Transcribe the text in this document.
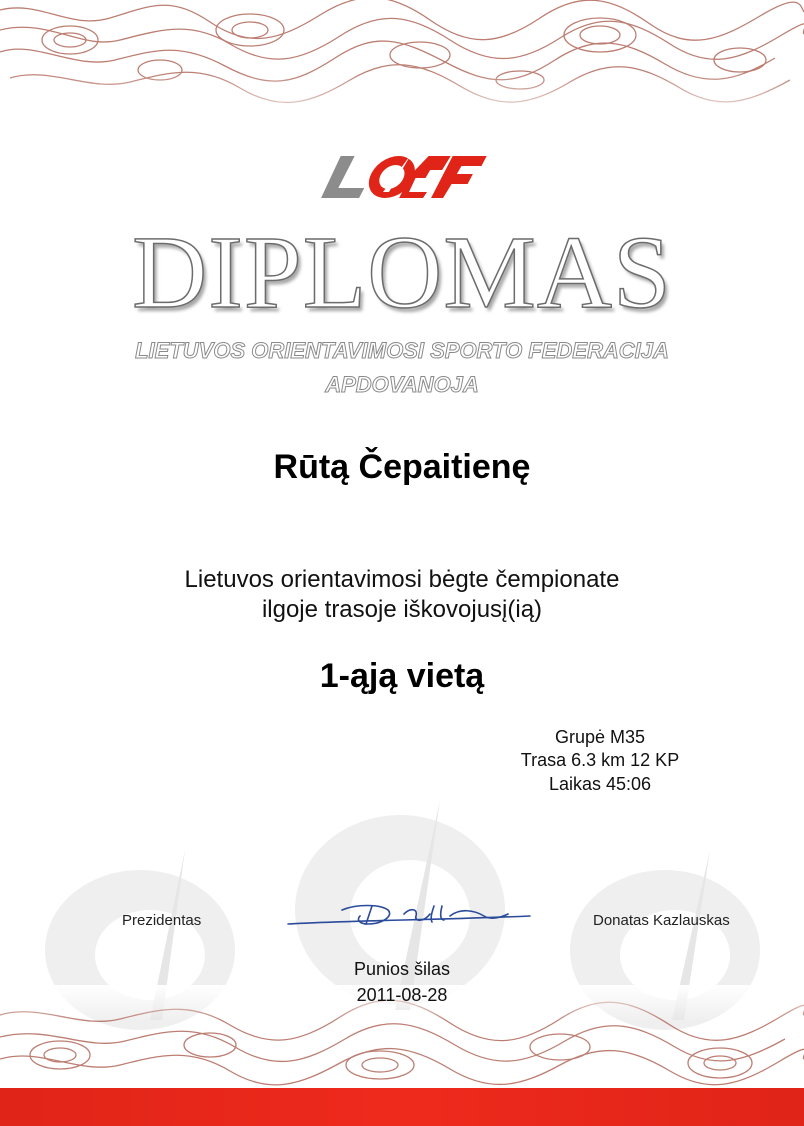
DIPLOMAS
LIETUVOS ORIENTAVIMOSI SPORTO FEDERACIJA
APDOVANOJA
Rūtą Čepaitienę
Lietuvos orientavimosi bėgte čempionate
ilgoje trasoje iškovojusį(ią)
1-ąją vietą
Grupė M35
Trasa 6.3 km 12 KP
Laikas 45:06
Prezidentas	Donatas Kazlauskas
Punios šilas
2011-08-28
